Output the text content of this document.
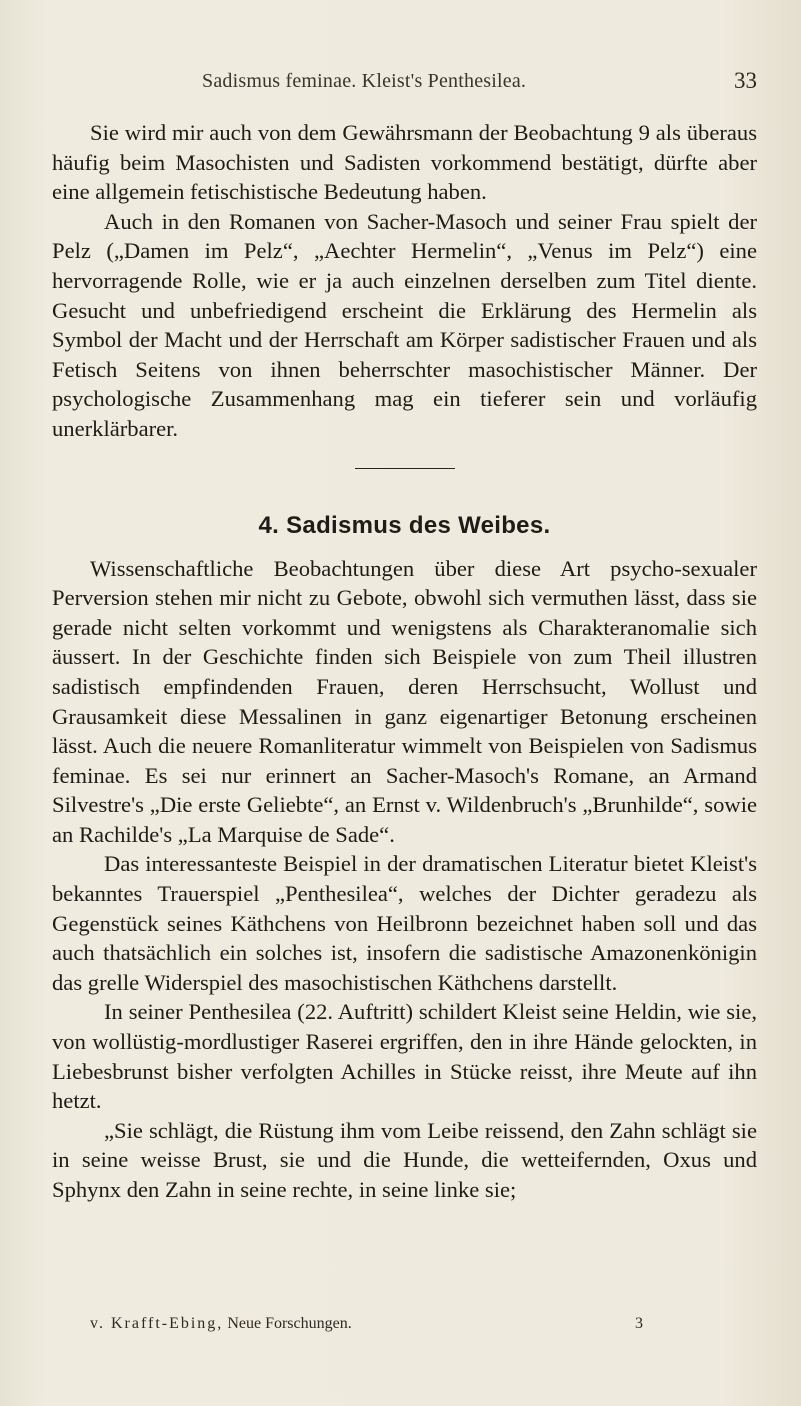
Sadismus feminae. Kleist's Penthesilea.	33

Sie wird mir auch von dem Gewährsmann der Beobachtung 9 als überaus häufig beim Masochisten und Sadisten vorkommend bestätigt, dürfte aber eine allgemein fetischistische Bedeutung haben.

Auch in den Romanen von Sacher-Masoch und seiner Frau spielt der Pelz („Damen im Pelz“, „Aechter Hermelin“, „Venus im Pelz“) eine hervorragende Rolle, wie er ja auch einzelnen derselben zum Titel diente. Gesucht und unbefriedigend erscheint die Erklärung des Hermelin als Symbol der Macht und der Herrschaft am Körper sadistischer Frauen und als Fetisch Seitens von ihnen beherrschter masochistischer Männer. Der psychologische Zusammenhang mag ein tieferer sein und vorläufig unerklärbarer.

4. Sadismus des Weibes.

Wissenschaftliche Beobachtungen über diese Art psycho-sexualer Perversion stehen mir nicht zu Gebote, obwohl sich vermuthen lässt, dass sie gerade nicht selten vorkommt und wenigstens als Charakteranomalie sich äussert. In der Geschichte finden sich Beispiele von zum Theil illustren sadistisch empfindenden Frauen, deren Herrschsucht, Wollust und Grausamkeit diese Messalinen in ganz eigenartiger Betonung erscheinen lässt. Auch die neuere Romanliteratur wimmelt von Beispielen von Sadismus feminae. Es sei nur erinnert an Sacher-Masoch's Romane, an Armand Silvestre's „Die erste Geliebte“, an Ernst v. Wildenbruch's „Brunhilde“, sowie an Rachilde's „La Marquise de Sade“.

Das interessanteste Beispiel in der dramatischen Literatur bietet Kleist's bekanntes Trauerspiel „Penthesilea“, welches der Dichter geradezu als Gegenstück seines Käthchens von Heilbronn bezeichnet haben soll und das auch thatsächlich ein solches ist, insofern die sadistische Amazonenkönigin das grelle Widerspiel des masochistischen Käthchens darstellt.

In seiner Penthesilea (22. Auftritt) schildert Kleist seine Heldin, wie sie, von wollüstig-mordlustiger Raserei ergriffen, den in ihre Hände gelockten, in Liebesbrunst bisher verfolgten Achilles in Stücke reisst, ihre Meute auf ihn hetzt.

„Sie schlägt, die Rüstung ihm vom Leibe reissend, den Zahn schlägt sie in seine weisse Brust, sie und die Hunde, die wetteifernden, Oxus und Sphynx den Zahn in seine rechte, in seine linke sie;

v. Krafft-Ebing, Neue Forschungen.	3
